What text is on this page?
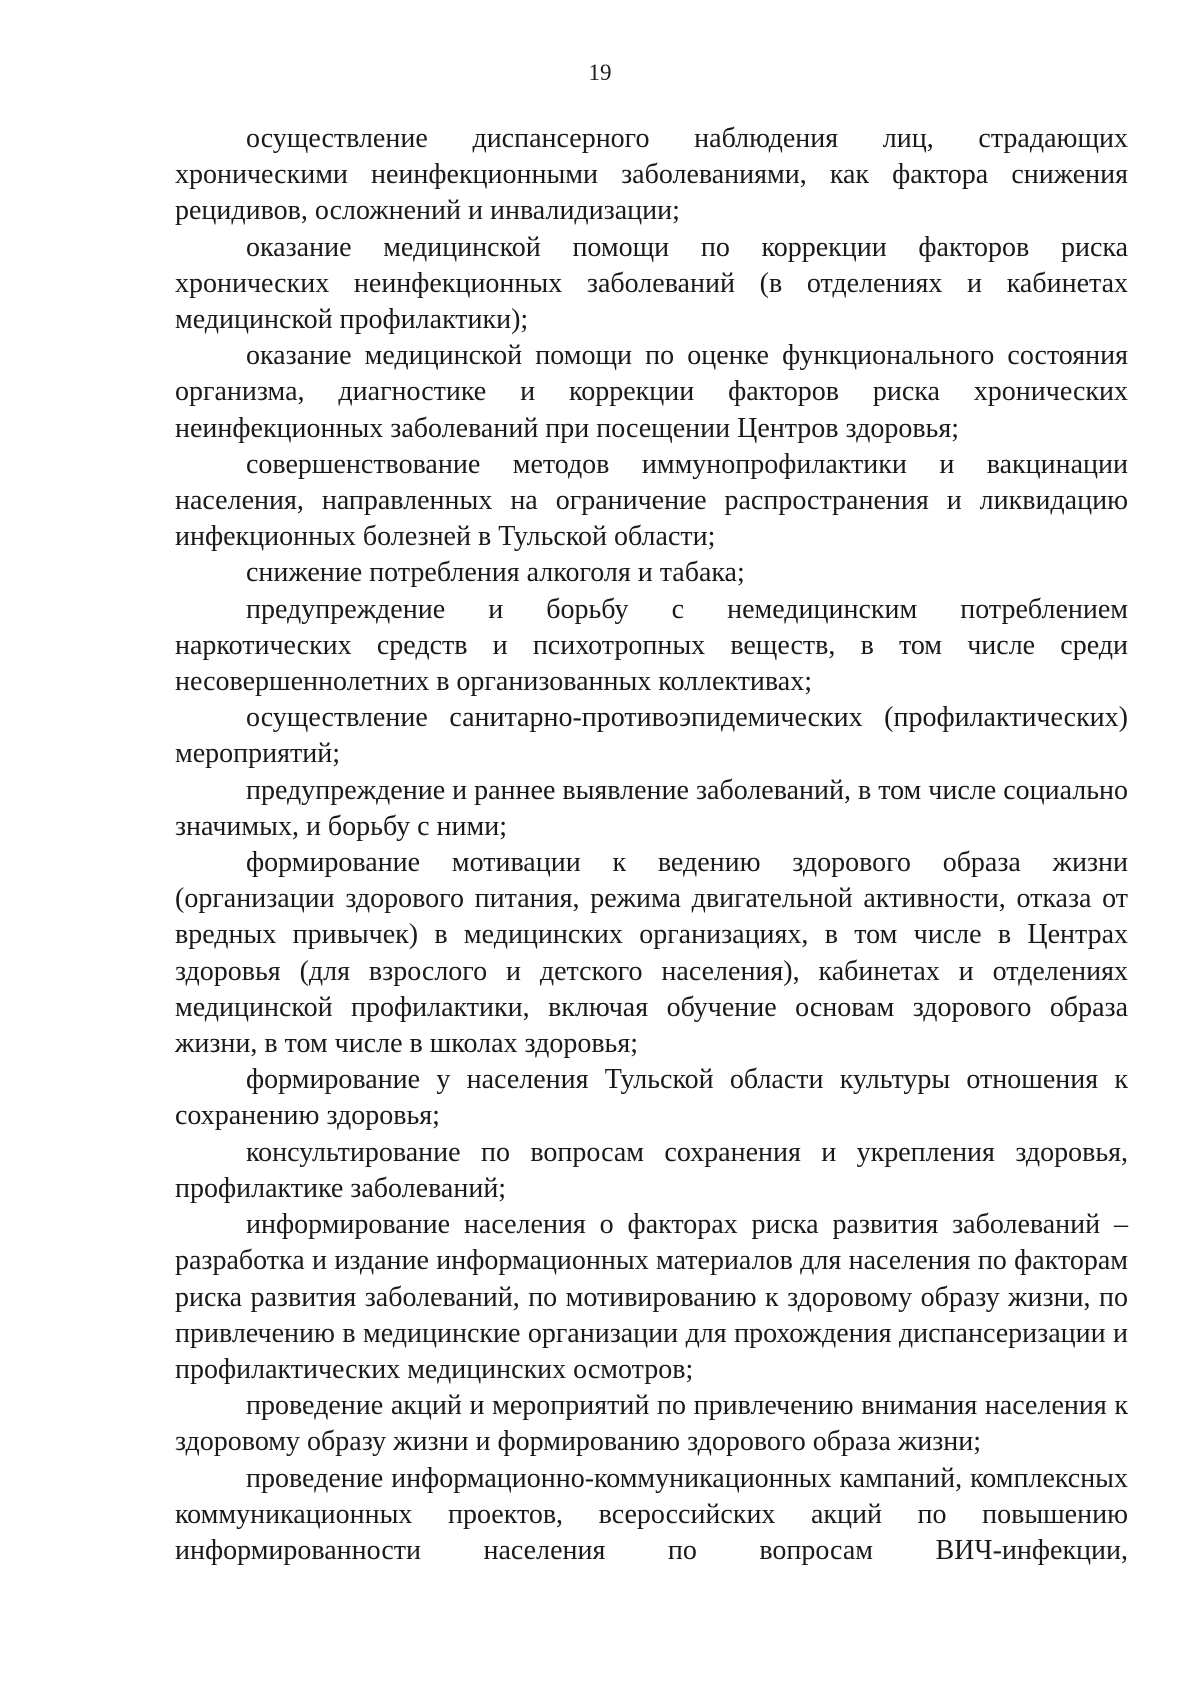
19

осуществление диспансерного наблюдения лиц, страдающих хроническими неинфекционными заболеваниями, как фактора снижения рецидивов, осложнений и инвалидизации;

оказание медицинской помощи по коррекции факторов риска хронических неинфекционных заболеваний (в отделениях и кабинетах медицинской профилактики);

оказание медицинской помощи по оценке функционального состояния организма, диагностике и коррекции факторов риска хронических неинфекционных заболеваний при посещении Центров здоровья;

совершенствование методов иммунопрофилактики и вакцинации населения, направленных на ограничение распространения и ликвидацию инфекционных болезней в Тульской области;

снижение потребления алкоголя и табака;

предупреждение и борьбу с немедицинским потреблением наркотических средств и психотропных веществ, в том числе среди несовершеннолетних в организованных коллективах;

осуществление санитарно-противоэпидемических (профилактических) мероприятий;

предупреждение и раннее выявление заболеваний, в том числе социально значимых, и борьбу с ними;

формирование мотивации к ведению здорового образа жизни (организации здорового питания, режима двигательной активности, отказа от вредных привычек) в медицинских организациях, в том числе в Центрах здоровья (для взрослого и детского населения), кабинетах и отделениях медицинской профилактики, включая обучение основам здорового образа жизни, в том числе в школах здоровья;

формирование у населения Тульской области культуры отношения к сохранению здоровья;

консультирование по вопросам сохранения и укрепления здоровья, профилактике заболеваний;

информирование населения о факторах риска развития заболеваний – разработка и издание информационных материалов для населения по факторам риска развития заболеваний, по мотивированию к здоровому образу жизни, по привлечению в медицинские организации для прохождения диспансеризации и профилактических медицинских осмотров;

проведение акций и мероприятий по привлечению внимания населения к здоровому образу жизни и формированию здорового образа жизни;

проведение информационно-коммуникационных кампаний, комплексных коммуникационных проектов, всероссийских акций по повышению информированности населения по вопросам ВИЧ-инфекции,
